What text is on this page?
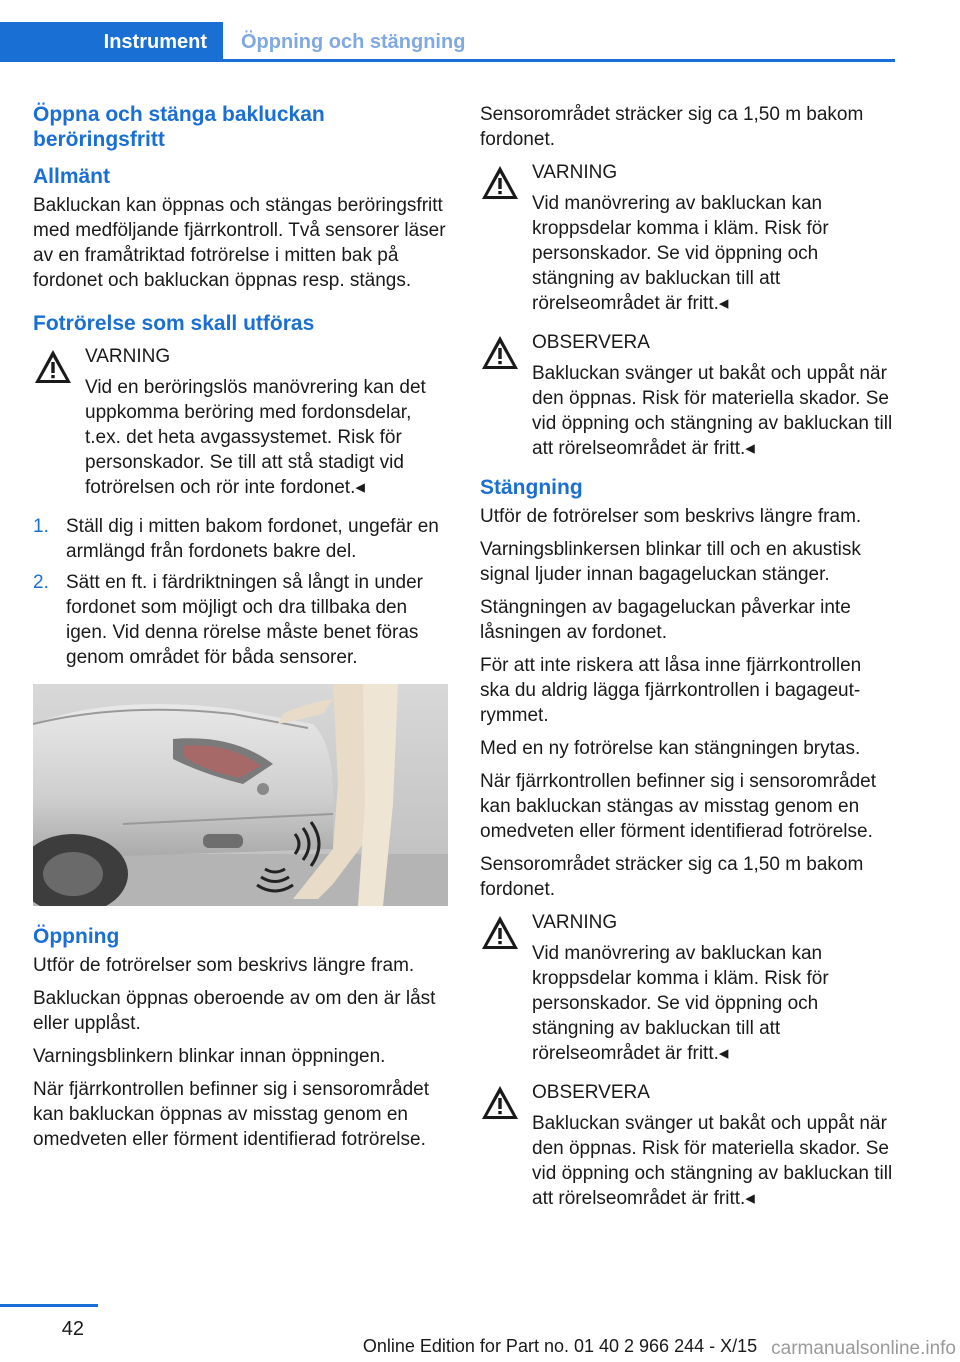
Instrument	Öppning och stängning
Öppna och stänga bakluckan beröringsfritt
Allmänt

Bakluckan kan öppnas och stängas beröringsfritt med medföljande fjärrkontroll. Två sensorer läser av en framåtriktad fotrörelse i mitten bak på fordonet och bakluckan öppnas resp. stängs.

Fotrörelse som skall utföras
VARNING
Vid en beröringslös manövrering kan det uppkomma beröring med fordonsdelar, t.ex. det heta avgassystemet. Risk för personskador. Se till att stå stadigt vid fotrörelsen och rör inte fordonet.◂
1. Ställ dig i mitten bakom fordonet, ungefär en armlängd från fordonets bakre del.
2. Sätt en ft. i färdriktningen så långt in under fordonet som möjligt och dra tillbaka den igen. Vid denna rörelse måste benet föras genom området för båda sensorer.
Öppning

Utför de fotrörelser som beskrivs längre fram.

Bakluckan öppnas oberoende av om den är låst eller upplåst.

Varningsblinkern blinkar innan öppningen.

När fjärrkontrollen befinner sig i sensorområdet kan bakluckan öppnas av misstag genom en omedveten eller förment identifierad fotrörelse.

Sensorområdet sträcker sig ca 1,50 m bakom fordonet.

VARNING
Vid manövrering av bakluckan kan kroppsdelar komma i kläm. Risk för personskador. Se vid öppning och stängning av bakluckan till att rörelseområdet är fritt.◂
OBSERVERA
Bakluckan svänger ut bakåt och uppåt när den öppnas. Risk för materiella skador. Se vid öppning och stängning av bakluckan till att rörelseområdet är fritt.◂
Stängning

Utför de fotrörelser som beskrivs längre fram.

Varningsblinkersen blinkar till och en akustisk signal ljuder innan bagageluckan stänger.

Stängningen av bagageluckan påverkar inte låsningen av fordonet.

För att inte riskera att låsa inne fjärrkontrollen ska du aldrig lägga fjärrkontrollen i bagageutrymmet.

Med en ny fotrörelse kan stängningen brytas.

När fjärrkontrollen befinner sig i sensorområdet kan bakluckan stängas av misstag genom en omedveten eller förment identifierad fotrörelse.

Sensorområdet sträcker sig ca 1,50 m bakom fordonet.

VARNING
Vid manövrering av bakluckan kan kroppsdelar komma i kläm. Risk för personskador. Se vid öppning och stängning av bakluckan till att rörelseområdet är fritt.◂
OBSERVERA
Bakluckan svänger ut bakåt och uppåt när den öppnas. Risk för materiella skador. Se vid öppning och stängning av bakluckan till att rörelseområdet är fritt.◂
42
Online Edition for Part no. 01 40 2 966 244 - X/15 carmanualsonline.info
